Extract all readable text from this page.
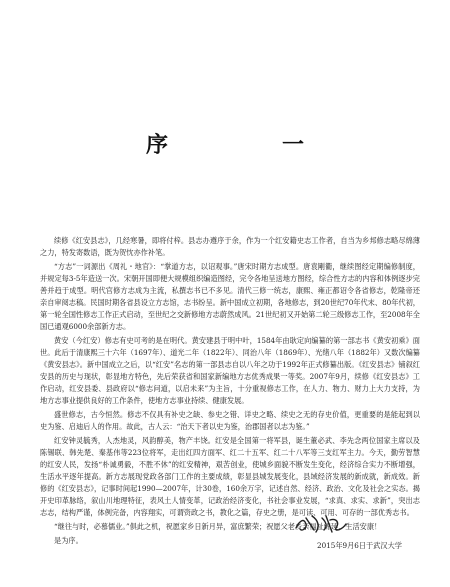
序　一

续修《红安县志》，几经寒暑，即将付梓。县志办遵序于余，作为一个红安籍史志工作者，自当为乡邦修志略尽绵薄之力，特发寄数语，既为贺忱亦作补笔。

“方志”一词源出《周礼・地官》：“掌道方志，以诏观事。”唐宋时期方志成型。唐袁剛衢，继续图经定期编修制度，并规定每3-5年造送一次。宋朝开国即便大规模组织编造图经，完令各地呈送地方图经，综合性方志的内容和体例逐步完善并趋于成型。明代官修方志成为主流，私撰志书已不多见。清代三修一统志，康熙、雍正都诏令各省修志，乾隆帝还亲自审阅志稿。民国时期各省县设立方志馆，志书纷呈。新中国成立初期，各地修志，到20世纪70年代末、80年代初，第一轮全国性修志工作正式启动，至世纪之交新修地方志蔚然成风。21世纪初又开始第二轮三级修志工作，至2008年全国已通观6000余部新方志。

黄安（今红安）修志有史可考的是在明代。黄安建县于明中叶，1584年由耿定向编纂的第一部志书《黄安初乘》面世。此后于清康熙三十六年（1697年）、道光二年（1822年）、同治八年（1869年）、光绪八年（1882年）又数次编纂《黄安县志》。新中国成立之后，以“红安”名志的第一部县志自以八年之功于1992年正式修纂出版。《红安县志》铺叙红安县的历史与现状，彰显地方特色，先后荣获省和国家新编地方志优秀成果一等奖。2007年9月，续修《红安县志》工作启动，红安县委、县政府以“修志问道，以启未来”为主旨，十分重视修志工作，在人力、物力、财力上大力支持，为地方志事业提供良好的工作条件，使地方志事业持续、健康发展。

盛世修志，古今恒然。修志不仅具有补史之缺、参史之错、详史之略、续史之无的存史价值，更重要的是能起到以史为鉴、启迪后人的作用。故此，古人云：“治天下者以史为鉴，治郡国者以志为鉴。”

红安钟灵毓秀，人杰地灵，风韵醇美，物产丰饶。红安是全国第一将军县，诞生董必武、李先念两位国家主席以及陈锡联、韩先楚、秦基伟等223位将军，走出红四方面军、红二十五军、红二十八军等三支红军主力。今天，勤劳智慧的红安人民，发扬“朴诚勇毅，不胜不休”的红安精神，艰苦创业，使城乡面貌不断发生变化，经济综合实力不断增强，生活水平逐年提高。新方志展现党政各部门工作的主要成绩，彰显县城发展变化，县域经济发展的新成就，新成效。新修的《红安县志》，记事时间起1990—2007年，计30卷，160余万字，记述自然、经济、政治、文化及社会之实态。揭开史印革脉络，叙山川地理特征，表风土人情变革，记政治经济变化，书社会事业发展，“求真、求实、求新”，突出志志志，结构严谨，体例完备，内容翔实，可谓资政之书，教化之篇，存史之册，是可读、可用、可存的一部优秀志书。

“继往与时，必慕儒业。”俱此之机，祝愿家乡日新月异，富庶繁荣；祝愿父老乡亲福祉绵延，生活安康！

是为序。

2015年9月6日于武汉大学
